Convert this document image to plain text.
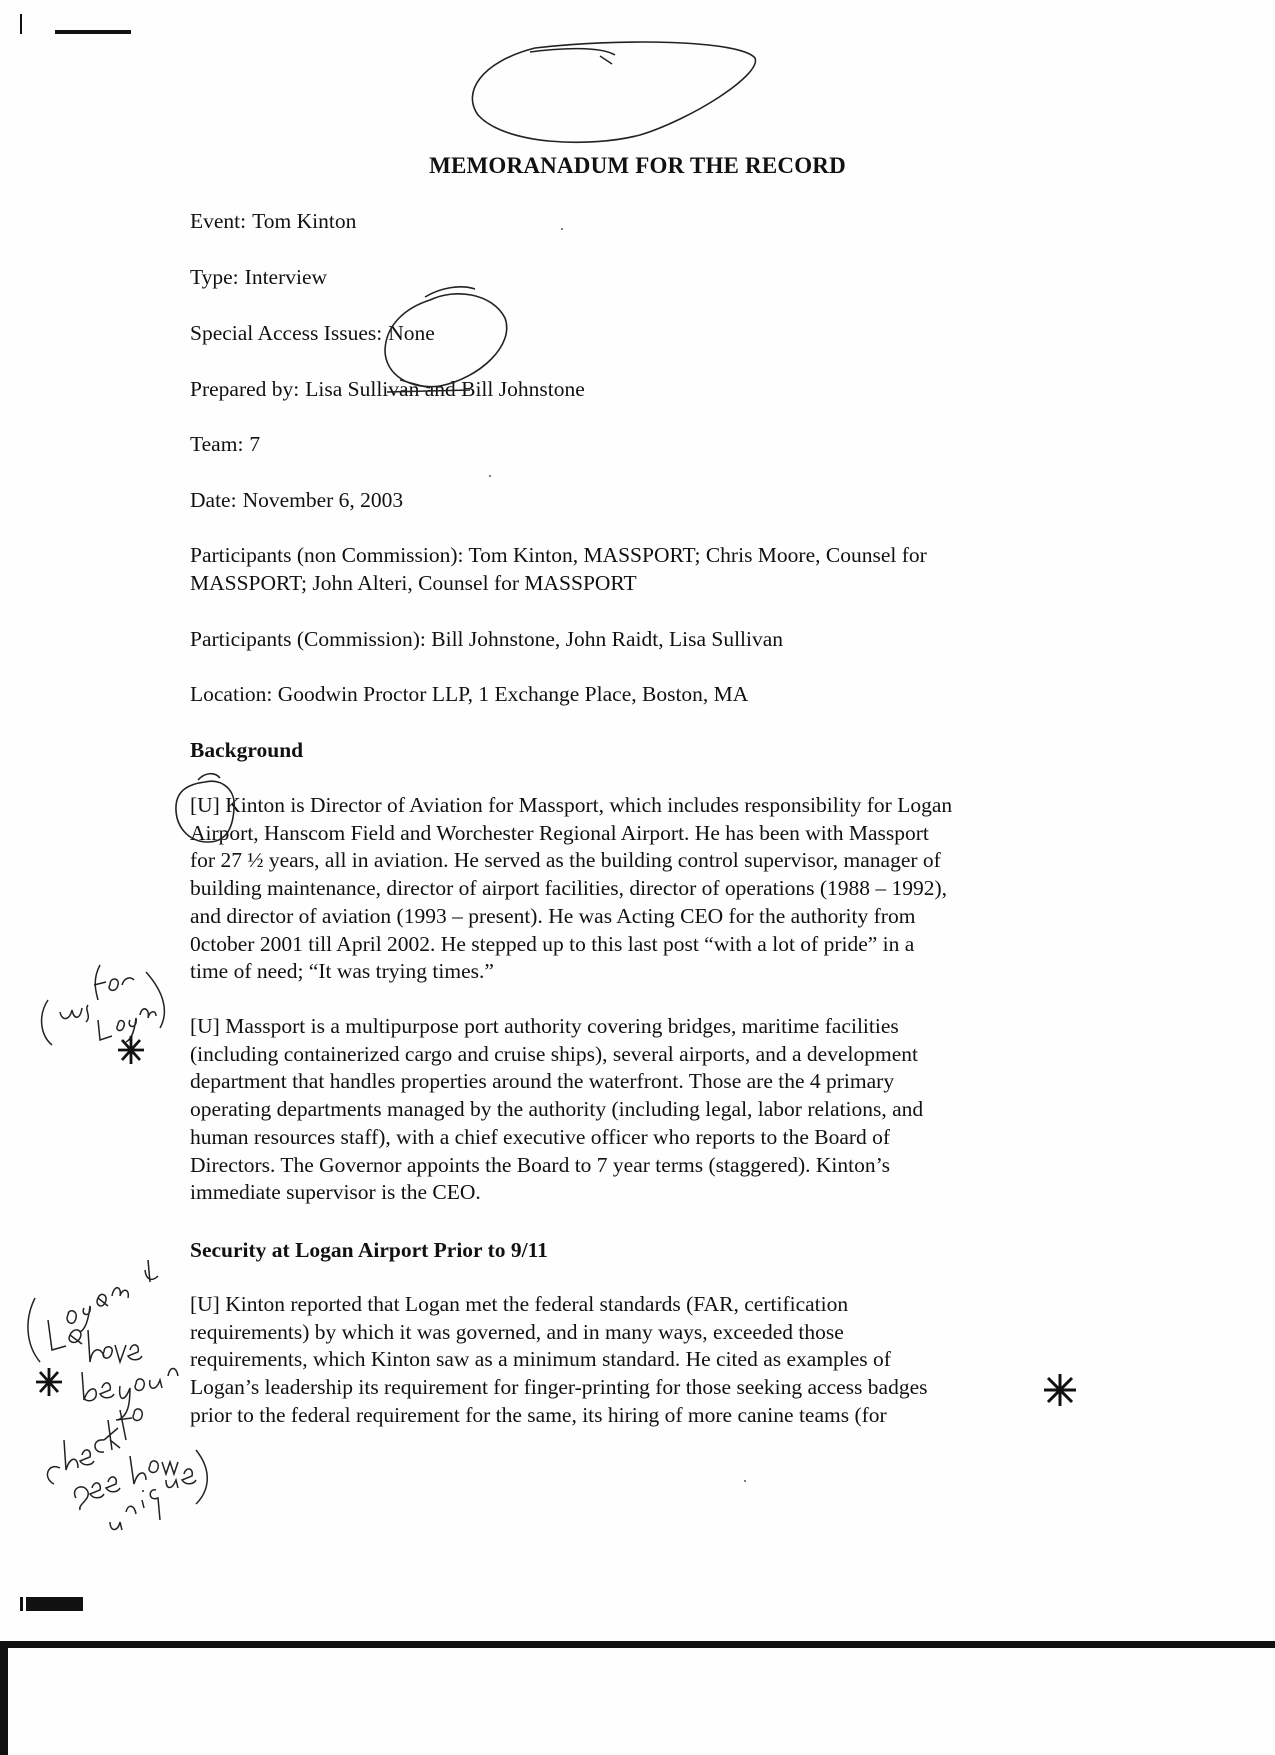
MEMORANADUM FOR THE RECORD
Event: Tom Kinton
Type: Interview
Special Access Issues: None
Prepared by: Lisa Sullivan and Bill Johnstone
Team: 7
Date: November 6, 2003
Participants (non Commission): Tom Kinton, MASSPORT; Chris Moore, Counsel for
MASSPORT; John Alteri, Counsel for MASSPORT
Participants (Commission): Bill Johnstone, John Raidt, Lisa Sullivan
Location: Goodwin Proctor LLP, 1 Exchange Place, Boston, MA
Background
[U] Kinton is Director of Aviation for Massport, which includes responsibility for Logan
Airport, Hanscom Field and Worchester Regional Airport. He has been with Massport
for 27 ½ years, all in aviation. He served as the building control supervisor, manager of
building maintenance, director of airport facilities, director of operations (1988 – 1992),
and director of aviation (1993 – present). He was Acting CEO for the authority from
0ctober 2001 till April 2002. He stepped up to this last post “with a lot of pride” in a
time of need; “It was trying times.”
[U] Massport is a multipurpose port authority covering bridges, maritime facilities
(including containerized cargo and cruise ships), several airports, and a development
department that handles properties around the waterfront. Those are the 4 primary
operating departments managed by the authority (including legal, labor relations, and
human resources staff), with a chief executive officer who reports to the Board of
Directors. The Governor appoints the Board to 7 year terms (staggered). Kinton’s
immediate supervisor is the CEO.
Security at Logan Airport Prior to 9/11
[U] Kinton reported that Logan met the federal standards (FAR, certification
requirements) by which it was governed, and in many ways, exceeded those
requirements, which Kinton saw as a minimum standard. He cited as examples of
Logan’s leadership its requirement for finger-printing for those seeking access badges
prior to the federal requirement for the same, its hiring of more canine teams (for
